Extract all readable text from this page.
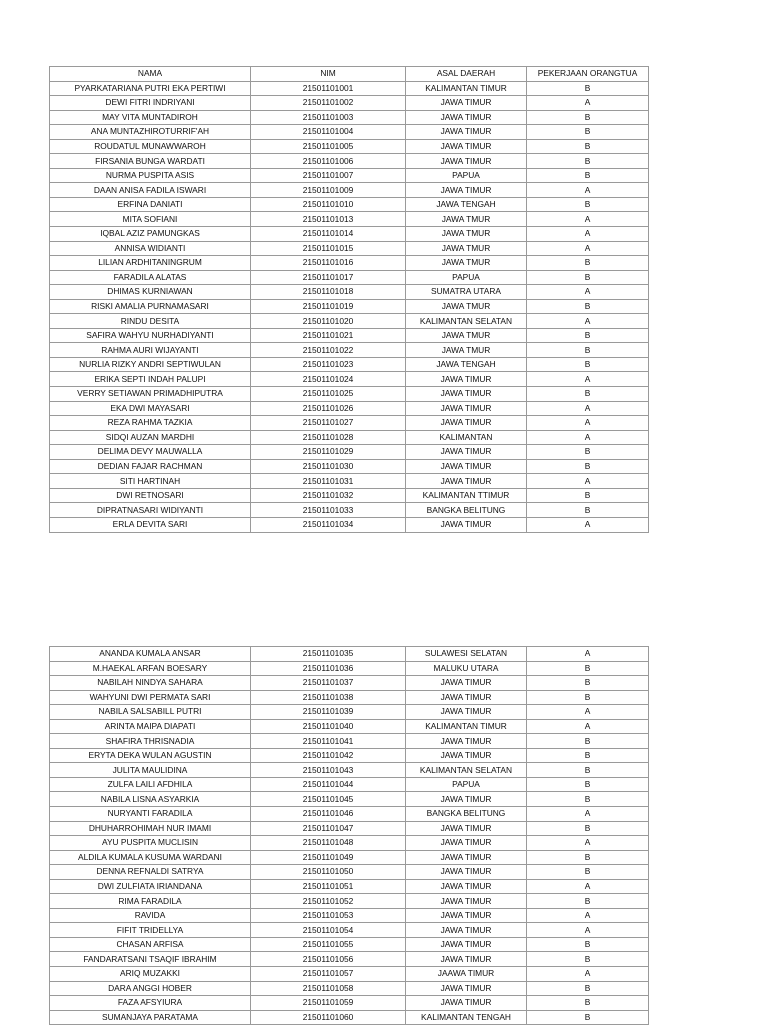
NAMA	NIM	ASAL DAERAH	PEKERJAAN ORANGTUA
PYARKATARIANA PUTRI EKA PERTIWI	21501101001	KALIMANTAN TIMUR	B
DEWI FITRI INDRIYANI	21501101002	JAWA TIMUR	A
MAY VITA MUNTADIROH	21501101003	JAWA TIMUR	B
ANA MUNTAZHIROTURRIF'AH	21501101004	JAWA TIMUR	B
ROUDATUL MUNAWWAROH	21501101005	JAWA TIMUR	B
FIRSANIA BUNGA WARDATI	21501101006	JAWA TIMUR	B
NURMA PUSPITA ASIS	21501101007	PAPUA	B
DAAN ANISA FADILA ISWARI	21501101009	JAWA TIMUR	A
ERFINA DANIATI	21501101010	JAWA TENGAH	B
MITA SOFIANI	21501101013	JAWA TMUR	A
IQBAL AZIZ PAMUNGKAS	21501101014	JAWA TMUR	A
ANNISA WIDIANTI	21501101015	JAWA TMUR	A
LILIAN ARDHITANINGRUM	21501101016	JAWA TMUR	B
FARADILA ALATAS	21501101017	PAPUA	B
DHIMAS KURNIAWAN	21501101018	SUMATRA UTARA	A
RISKI AMALIA PURNAMASARI	21501101019	JAWA TMUR	B
RINDU DESITA	21501101020	KALIMANTAN SELATAN	A
SAFIRA WAHYU NURHADIYANTI	21501101021	JAWA TMUR	B
RAHMA AURI WIJAYANTI	21501101022	JAWA TMUR	B
NURLIA RIZKY ANDRI SEPTIWULAN	21501101023	JAWA TENGAH	B
ERIKA SEPTI INDAH PALUPI	21501101024	JAWA TIMUR	A
VERRY SETIAWAN PRIMADHIPUTRA	21501101025	JAWA TIMUR	B
EKA DWI MAYASARI	21501101026	JAWA TIMUR	A
REZA RAHMA TAZKIA	21501101027	JAWA TIMUR	A
SIDQI AUZAN MARDHI	21501101028	KALIMANTAN	A
DELIMA DEVY MAUWALLA	21501101029	JAWA TIMUR	B
DEDIAN FAJAR RACHMAN	21501101030	JAWA TIMUR	B
SITI HARTINAH	21501101031	JAWA TIMUR	A
DWI RETNOSARI	21501101032	KALIMANTAN TTIMUR	B
DIPRATNASARI WIDIYANTI	21501101033	BANGKA BELITUNG	B
ERLA DEVITA SARI	21501101034	JAWA TIMUR	A
ANANDA KUMALA ANSAR	21501101035	SULAWESI SELATAN	A
M.HAEKAL ARFAN BOESARY	21501101036	MALUKU UTARA	B
NABILAH NINDYA SAHARA	21501101037	JAWA TIMUR	B
WAHYUNI DWI PERMATA SARI	21501101038	JAWA TIMUR	B
NABILA SALSABILL PUTRI	21501101039	JAWA TIMUR	A
ARINTA MAIPA DIAPATI	21501101040	KALIMANTAN TIMUR	A
SHAFIRA THRISNADIA	21501101041	JAWA TIMUR	B
ERYTA DEKA WULAN AGUSTIN	21501101042	JAWA TIMUR	B
JULITA MAULIDINA	21501101043	KALIMANTAN SELATAN	B
ZULFA LAILI AFDHILA	21501101044	PAPUA	B
NABILA LISNA ASYARKIA	21501101045	JAWA TIMUR	B
NURYANTI FARADILA	21501101046	BANGKA BELITUNG	A
DHUHARROHIMAH NUR IMAMI	21501101047	JAWA TIMUR	B
AYU PUSPITA MUCLISIN	21501101048	JAWA TIMUR	A
ALDILA KUMALA KUSUMA WARDANI	21501101049	JAWA TIMUR	B
DENNA REFNALDI SATRYA	21501101050	JAWA TIMUR	B
DWI ZULFIATA IRIANDANA	21501101051	JAWA TIMUR	A
RIMA FARADILA	21501101052	JAWA TIMUR	B
RAVIDA	21501101053	JAWA TIMUR	A
FIFIT TRIDELLYA	21501101054	JAWA TIMUR	A
CHASAN ARFISA	21501101055	JAWA TIMUR	B
FANDARATSANI TSAQIF IBRAHIM	21501101056	JAWA TIMUR	B
ARIQ MUZAKKI	21501101057	JAAWA TIMUR	A
DARA ANGGI HOBER	21501101058	JAWA TIMUR	B
FAZA AFSYIURA	21501101059	JAWA TIMUR	B
SUMANJAYA PARATAMA	21501101060	KALIMANTAN TENGAH	B
